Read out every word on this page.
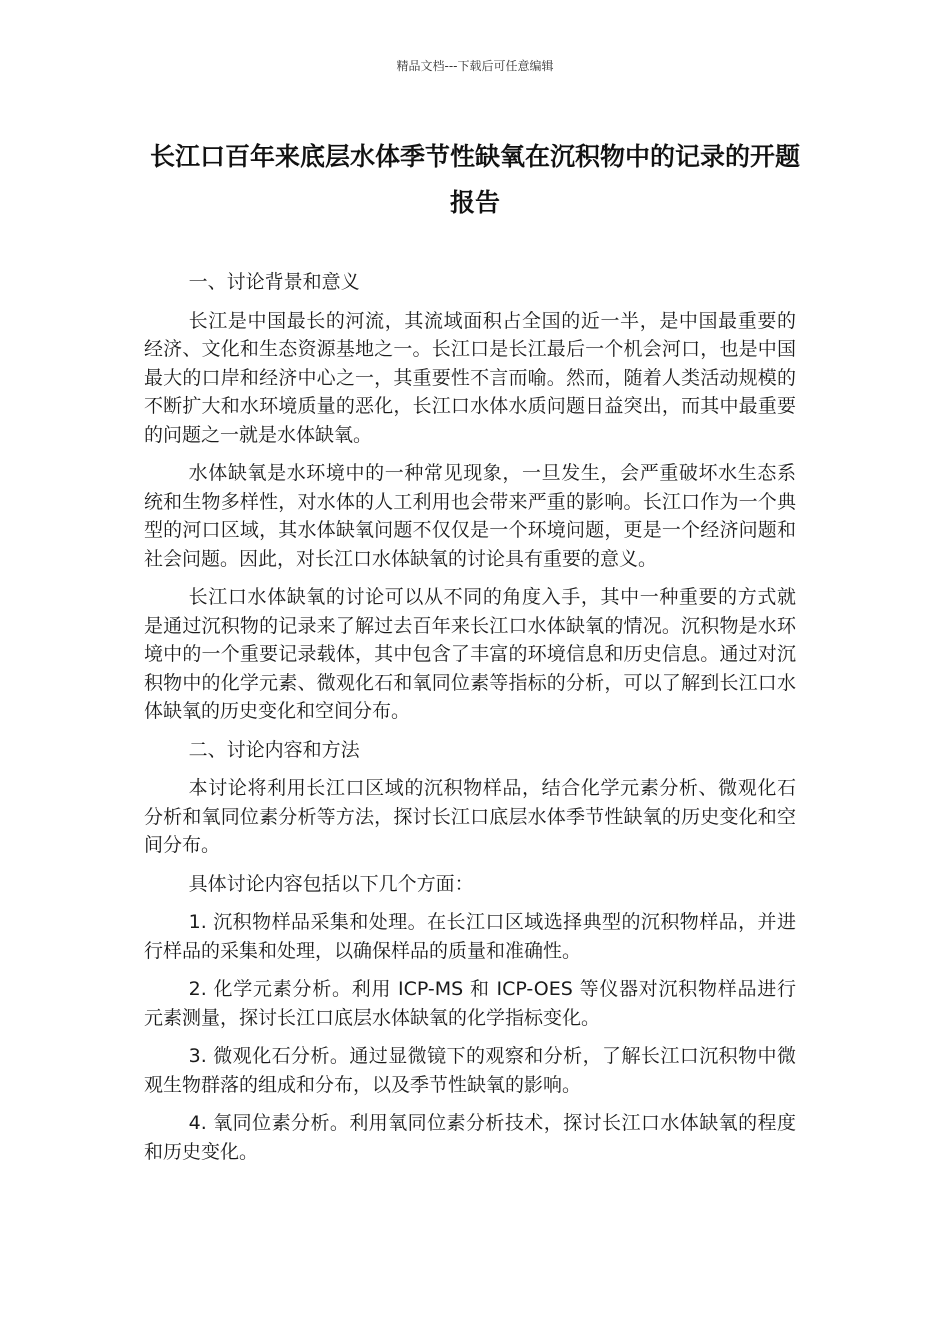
精品文档---下载后可任意编辑
长江口百年来底层水体季节性缺氧在沉积物中的记录的开题报告

一、讨论背景和意义

长江是中国最长的河流，其流域面积占全国的近一半，是中国最重要的经济、文化和生态资源基地之一。长江口是长江最后一个机会河口，也是中国最大的口岸和经济中心之一，其重要性不言而喻。然而，随着人类活动规模的不断扩大和水环境质量的恶化，长江口水体水质问题日益突出，而其中最重要的问题之一就是水体缺氧。

水体缺氧是水环境中的一种常见现象，一旦发生，会严重破坏水生态系统和生物多样性，对水体的人工利用也会带来严重的影响。长江口作为一个典型的河口区域，其水体缺氧问题不仅仅是一个环境问题，更是一个经济问题和社会问题。因此，对长江口水体缺氧的讨论具有重要的意义。

长江口水体缺氧的讨论可以从不同的角度入手，其中一种重要的方式就是通过沉积物的记录来了解过去百年来长江口水体缺氧的情况。沉积物是水环境中的一个重要记录载体，其中包含了丰富的环境信息和历史信息。通过对沉积物中的化学元素、微观化石和氧同位素等指标的分析，可以了解到长江口水体缺氧的历史变化和空间分布。

二、讨论内容和方法

本讨论将利用长江口区域的沉积物样品，结合化学元素分析、微观化石分析和氧同位素分析等方法，探讨长江口底层水体季节性缺氧的历史变化和空间分布。

具体讨论内容包括以下几个方面：

1. 沉积物样品采集和处理。在长江口区域选择典型的沉积物样品，并进行样品的采集和处理，以确保样品的质量和准确性。

2. 化学元素分析。利用 ICP-MS 和 ICP-OES 等仪器对沉积物样品进行元素测量，探讨长江口底层水体缺氧的化学指标变化。

3. 微观化石分析。通过显微镜下的观察和分析，了解长江口沉积物中微观生物群落的组成和分布，以及季节性缺氧的影响。

4. 氧同位素分析。利用氧同位素分析技术，探讨长江口水体缺氧的程度和历史变化。
